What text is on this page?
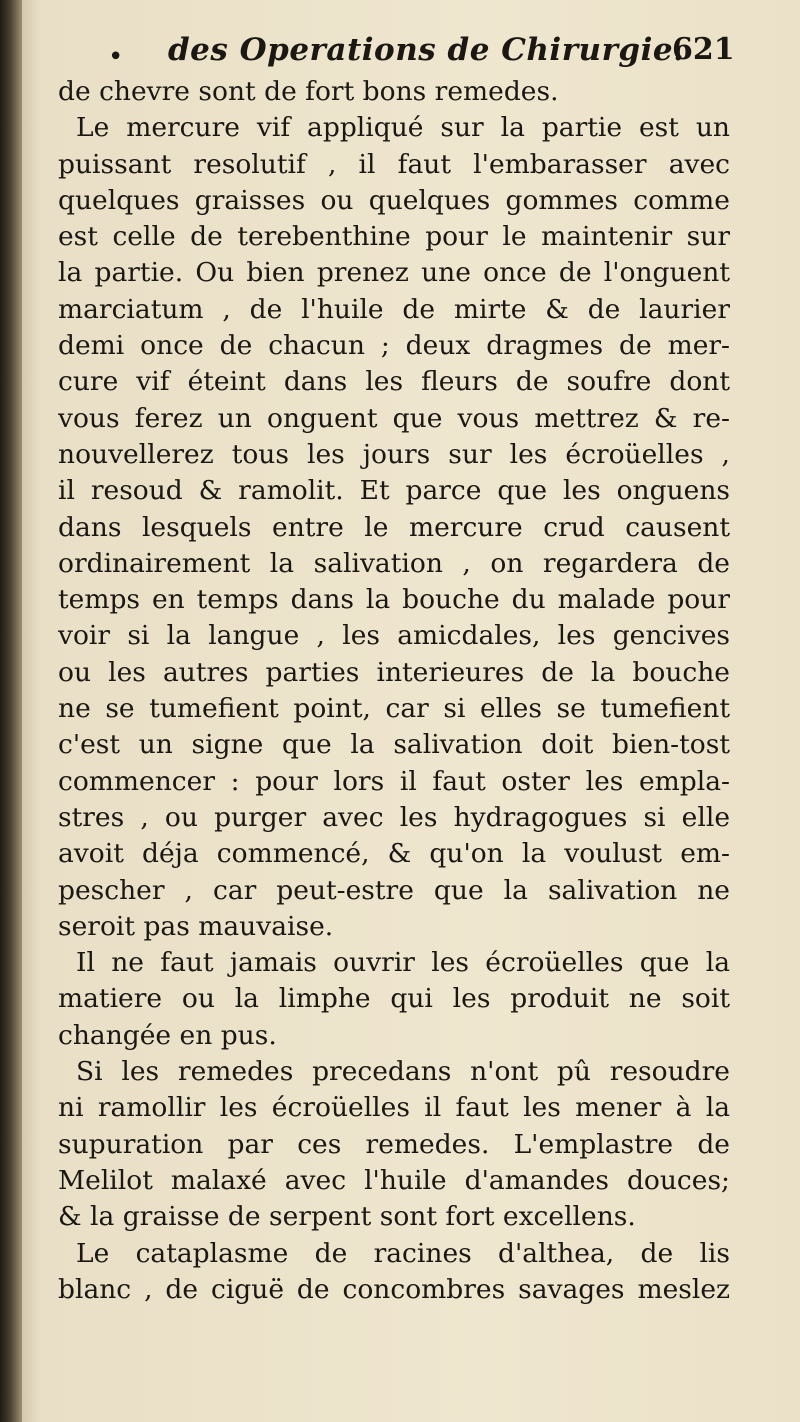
• des Operations de Chirurgie.
621
de chevre sont de fort bons remedes.
Le mercure vif appliqué sur la partie est un
puissant resolutif , il faut l'embarasser avec
quelques graisses ou quelques gommes comme
est celle de terebenthine pour le maintenir sur
la partie. Ou bien prenez une once de l'onguent
marciatum , de l'huile de mirte & de laurier
demi once de chacun ; deux dragmes de mer-
cure vif éteint dans les fleurs de soufre dont
vous ferez un onguent que vous mettrez & re-
nouvellerez tous les jours sur les écroüelles ,
il resoud & ramolit. Et parce que les onguens
dans lesquels entre le mercure crud causent
ordinairement la salivation , on regardera de
temps en temps dans la bouche du malade pour
voir si la langue , les amicdales, les gencives
ou les autres parties interieures de la bouche
ne se tumefient point, car si elles se tumefient
c'est un signe que la salivation doit bien-tost
commencer : pour lors il faut oster les empla-
stres , ou purger avec les hydragogues si elle
avoit déja commencé, & qu'on la voulust em-
pescher , car peut-estre que la salivation ne
seroit pas mauvaise.
Il ne faut jamais ouvrir les écroüelles que la
matiere ou la limphe qui les produit ne soit
changée en pus.
Si les remedes precedans n'ont pû resoudre
ni ramollir les écroüelles il faut les mener à la
supuration par ces remedes. L'emplastre de
Melilot malaxé avec l'huile d'amandes douces;
& la graisse de serpent sont fort excellens.
Le cataplasme de racines d'althea, de lis
blanc , de ciguë de concombres savages meslez
